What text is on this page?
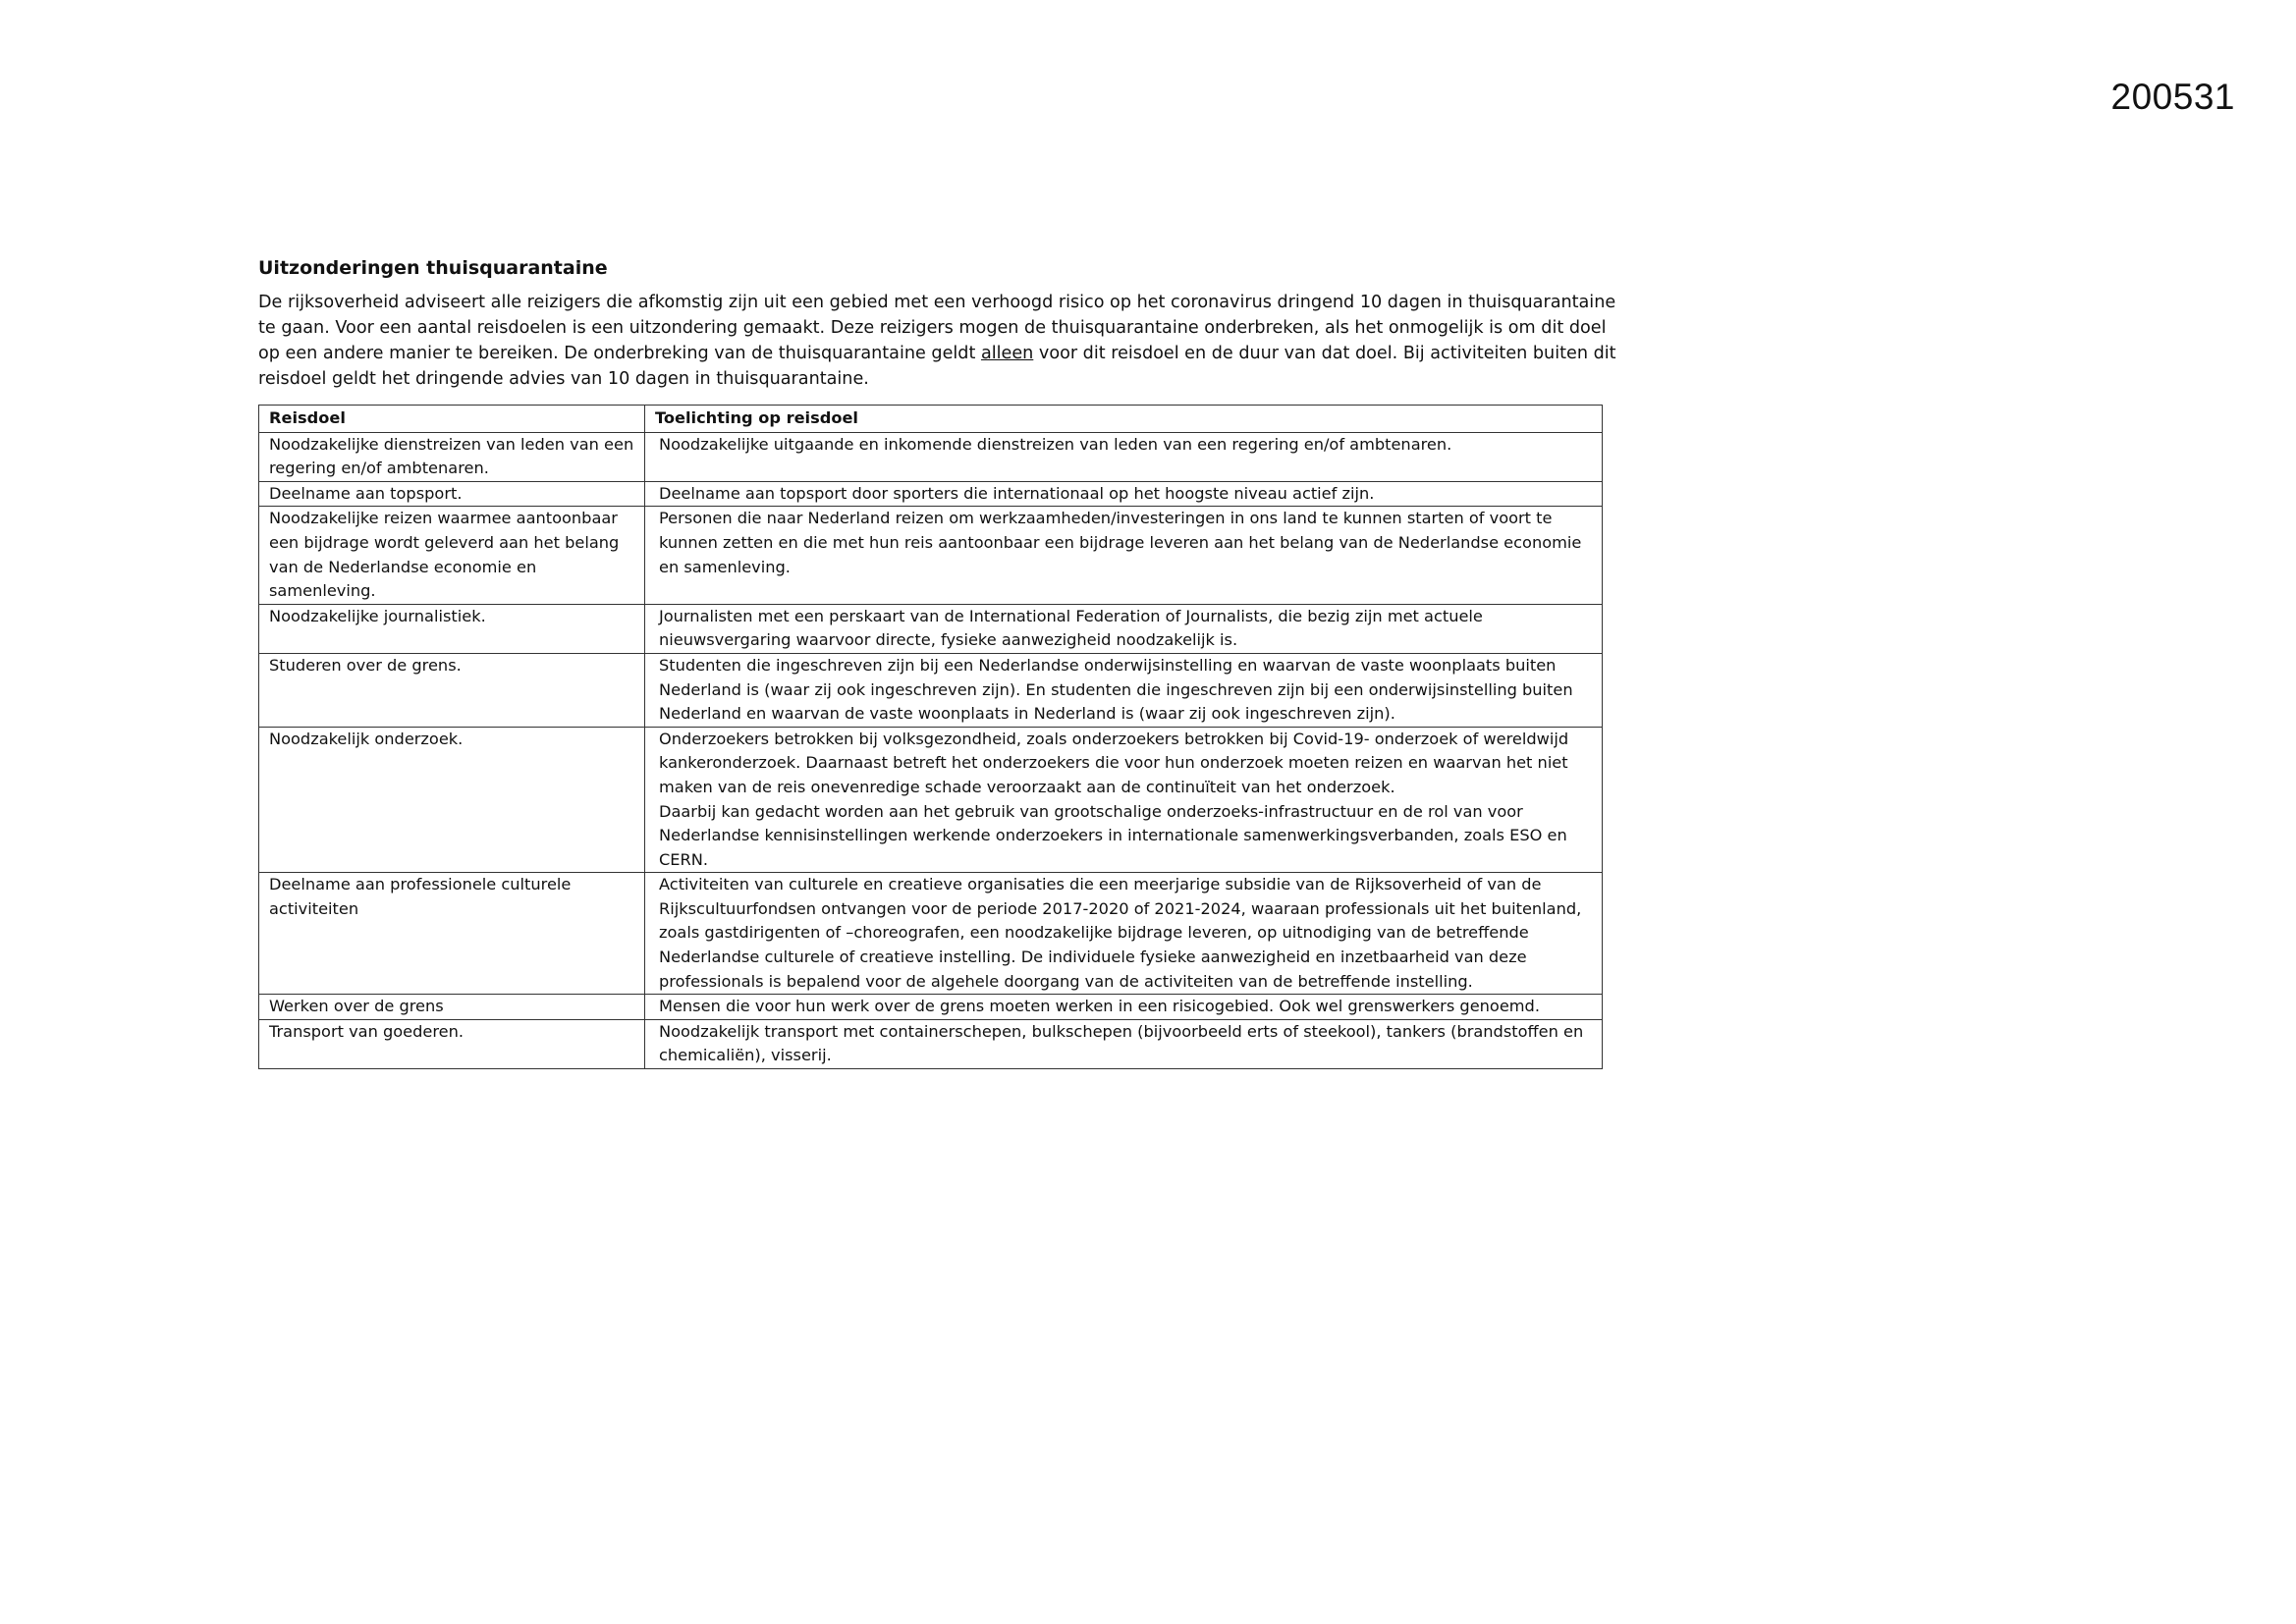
200531
Uitzonderingen thuisquarantaine

De rijksoverheid adviseert alle reizigers die afkomstig zijn uit een gebied met een verhoogd risico op het coronavirus dringend 10 dagen in thuisquarantaine te gaan. Voor een aantal reisdoelen is een uitzondering gemaakt. Deze reizigers mogen de thuisquarantaine onderbreken, als het onmogelijk is om dit doel op een andere manier te bereiken. De onderbreking van de thuisquarantaine geldt alleen voor dit reisdoel en de duur van dat doel. Bij activiteiten buiten dit reisdoel geldt het dringende advies van 10 dagen in thuisquarantaine.

Reisdoel	Toelichting op reisdoel
Noodzakelijke dienstreizen van leden van een regering en/of ambtenaren.	Noodzakelijke uitgaande en inkomende dienstreizen van leden van een regering en/of ambtenaren.
Deelname aan topsport.	Deelname aan topsport door sporters die internationaal op het hoogste niveau actief zijn.
Noodzakelijke reizen waarmee aantoonbaar een bijdrage wordt geleverd aan het belang van de Nederlandse economie en samenleving.	Personen die naar Nederland reizen om werkzaamheden/investeringen in ons land te kunnen starten of voort te kunnen zetten en die met hun reis aantoonbaar een bijdrage leveren aan het belang van de Nederlandse economie en samenleving.
Noodzakelijke journalistiek.	Journalisten met een perskaart van de International Federation of Journalists, die bezig zijn met actuele nieuwsvergaring waarvoor directe, fysieke aanwezigheid noodzakelijk is.
Studeren over de grens.	Studenten die ingeschreven zijn bij een Nederlandse onderwijsinstelling en waarvan de vaste woonplaats buiten Nederland is (waar zij ook ingeschreven zijn). En studenten die ingeschreven zijn bij een onderwijsinstelling buiten Nederland en waarvan de vaste woonplaats in Nederland is (waar zij ook ingeschreven zijn).
Noodzakelijk onderzoek.	Onderzoekers betrokken bij volksgezondheid, zoals onderzoekers betrokken bij Covid-19- onderzoek of wereldwijd kankeronderzoek. Daarnaast betreft het onderzoekers die voor hun onderzoek moeten reizen en waarvan het niet maken van de reis onevenredige schade veroorzaakt aan de continuïteit van het onderzoek.
Daarbij kan gedacht worden aan het gebruik van grootschalige onderzoeks-infrastructuur en de rol van voor Nederlandse kennisinstellingen werkende onderzoekers in internationale samenwerkingsverbanden, zoals ESO en CERN.

Deelname aan professionele culturele activiteiten	Activiteiten van culturele en creatieve organisaties die een meerjarige subsidie van de Rijksoverheid of van de Rijkscultuurfondsen ontvangen voor de periode 2017-2020 of 2021-2024, waaraan professionals uit het buitenland, zoals gastdirigenten of –choreografen, een noodzakelijke bijdrage leveren, op uitnodiging van de betreffende Nederlandse culturele of creatieve instelling. De individuele fysieke aanwezigheid en inzetbaarheid van deze professionals is bepalend voor de algehele doorgang van de activiteiten van de betreffende instelling.
Werken over de grens	Mensen die voor hun werk over de grens moeten werken in een risicogebied. Ook wel grenswerkers genoemd.
Transport van goederen.	Noodzakelijk transport met containerschepen, bulkschepen (bijvoorbeeld erts of steekool), tankers (brandstoffen en chemicaliën), visserij.
